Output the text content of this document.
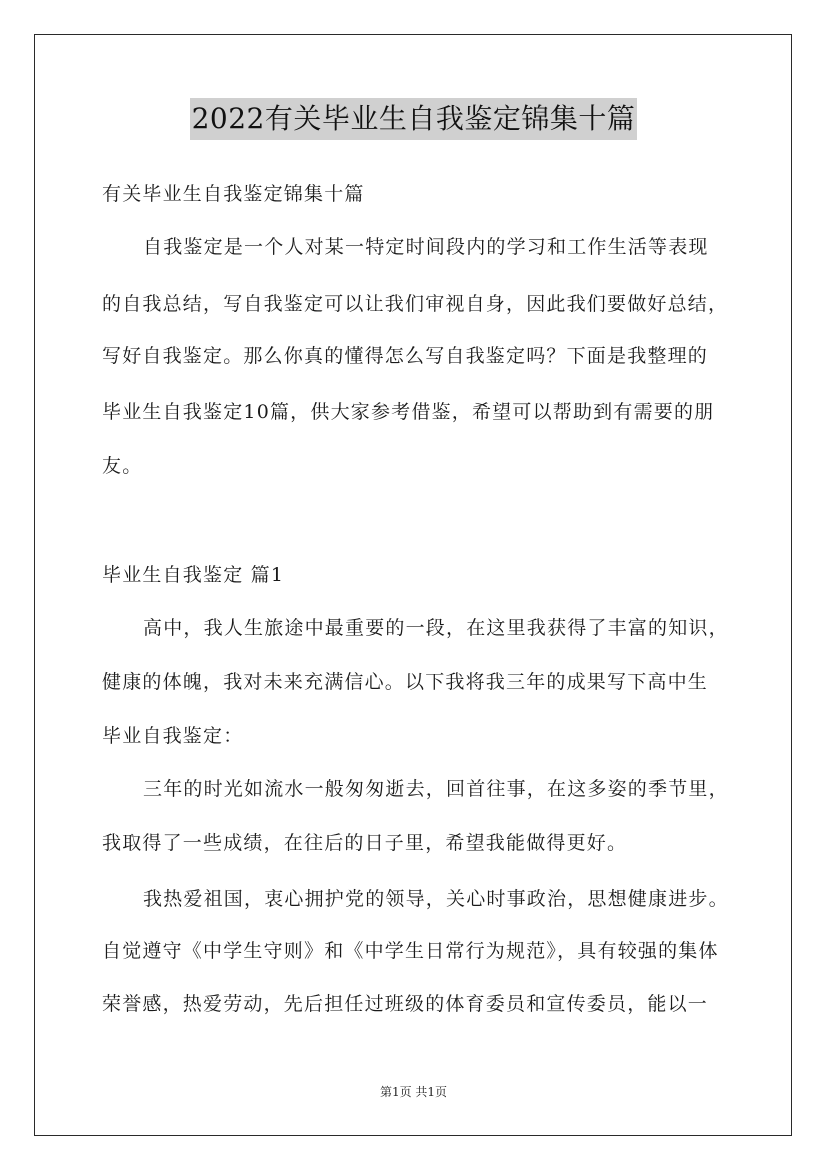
2022有关毕业生自我鉴定锦集十篇
有关毕业生自我鉴定锦集十篇
自我鉴定是一个人对某一特定时间段内的学习和工作生活等表现
的自我总结，写自我鉴定可以让我们审视自身，因此我们要做好总结，
写好自我鉴定。那么你真的懂得怎么写自我鉴定吗？下面是我整理的
毕业生自我鉴定10篇，供大家参考借鉴，希望可以帮助到有需要的朋
友。
毕业生自我鉴定 篇1
高中，我人生旅途中最重要的一段，在这里我获得了丰富的知识，
健康的体魄，我对未来充满信心。以下我将我三年的成果写下高中生
毕业自我鉴定：
三年的时光如流水一般匆匆逝去，回首往事，在这多姿的季节里，
我取得了一些成绩，在往后的日子里，希望我能做得更好。
我热爱祖国，衷心拥护党的领导，关心时事政治，思想健康进步。
自觉遵守《中学生守则》和《中学生日常行为规范》，具有较强的集体
荣誉感，热爱劳动，先后担任过班级的体育委员和宣传委员，能以一
第1页 共1页
